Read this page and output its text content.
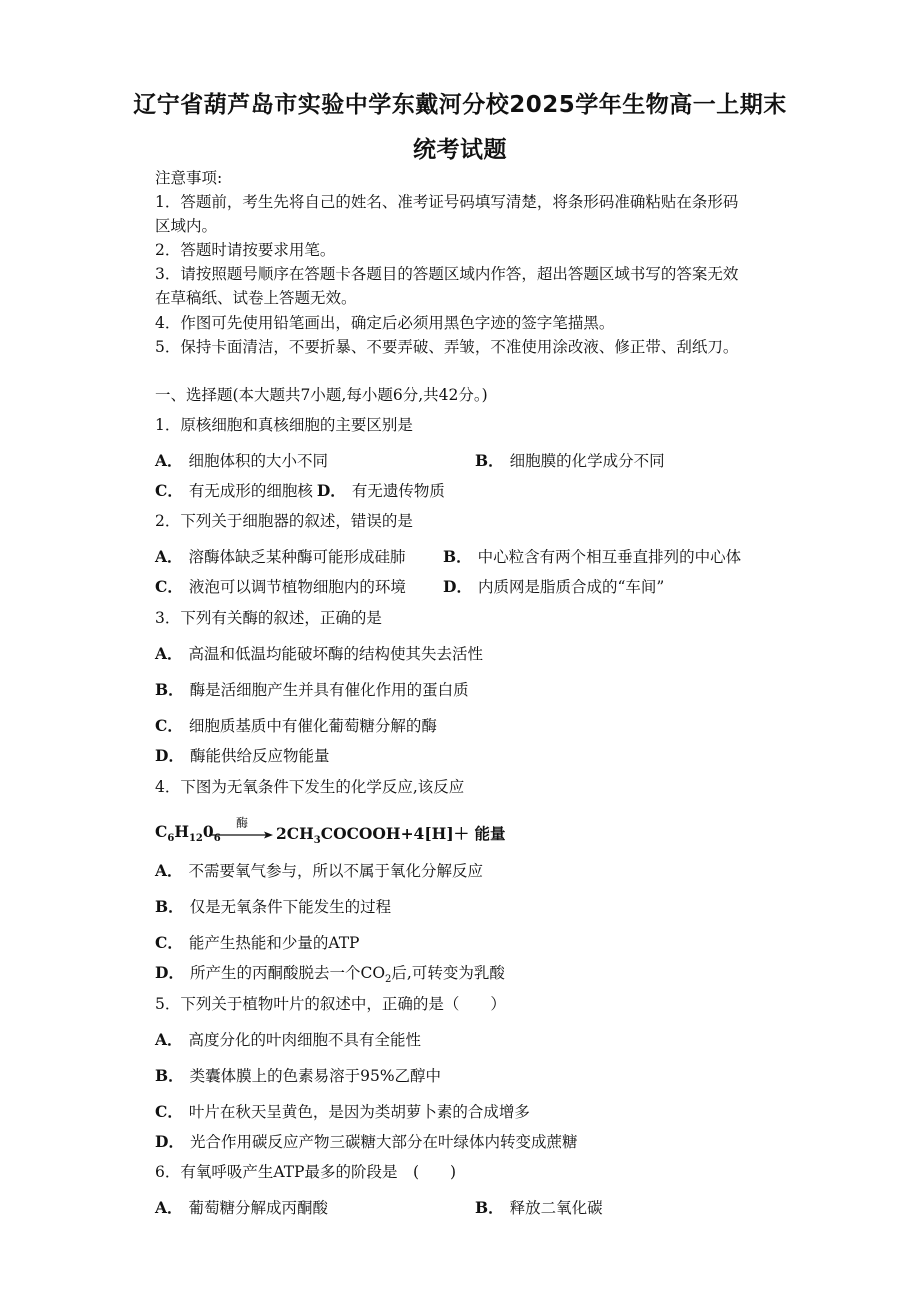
辽宁省葫芦岛市实验中学东戴河分校2025学年生物高一上期末
统考试题
注意事项:
1．答题前，考生先将自己的姓名、准考证号码填写清楚，将条形码准确粘贴在条形码
区域内。
2．答题时请按要求用笔。
3．请按照题号顺序在答题卡各题目的答题区域内作答，超出答题区域书写的答案无效
在草稿纸、试卷上答题无效。
4．作图可先使用铅笔画出，确定后必须用黑色字迹的签字笔描黑。
5．保持卡面清洁，不要折暴、不要弄破、弄皱，不准使用涂改液、修正带、刮纸刀。
一、选择题(本大题共7小题,每小题6分,共42分。)
1．原核细胞和真核细胞的主要区别是
A． 细胞体积的大小不同	B． 细胞膜的化学成分不同
C． 有无成形的细胞核 D． 有无遗传物质
2．下列关于细胞器的叙述，错误的是
A． 溶酶体缺乏某种酶可能形成硅肺 B． 中心粒含有两个相互垂直排列的中心体
C． 液泡可以调节植物细胞内的环境 D． 内质网是脂质合成的“车间”
3．下列有关酶的叙述，正确的是
A． 高温和低温均能破坏酶的结构使其失去活性
B． 酶是活细胞产生并具有催化作用的蛋白质
C． 细胞质基质中有催化葡萄糖分解的酶
D． 酶能供给反应物能量
4．下图为无氧条件下发生的化学反应,该反应
$C_6H_{12}0_6$
酶
$2CH_3COCOOH+4[H]+$ 能量
A． 不需要氧气参与，所以不属于氧化分解反应
B． 仅是无氧条件下能发生的过程
C． 能产生热能和少量的ATP
D． 所产生的丙酮酸脱去一个$CO_2$后,可转变为乳酸
5．下列关于植物叶片的叙述中，正确的是（　　）
A． 高度分化的叶肉细胞不具有全能性
B． 类囊体膜上的色素易溶于95%乙醇中
C． 叶片在秋天呈黄色，是因为类胡萝卜素的合成增多
D． 光合作用碳反应产物三碳糖大部分在叶绿体内转变成蔗糖
6．有氧呼吸产生ATP最多的阶段是　(　　)
A． 葡萄糖分解成丙酮酸	B． 释放二氧化碳
